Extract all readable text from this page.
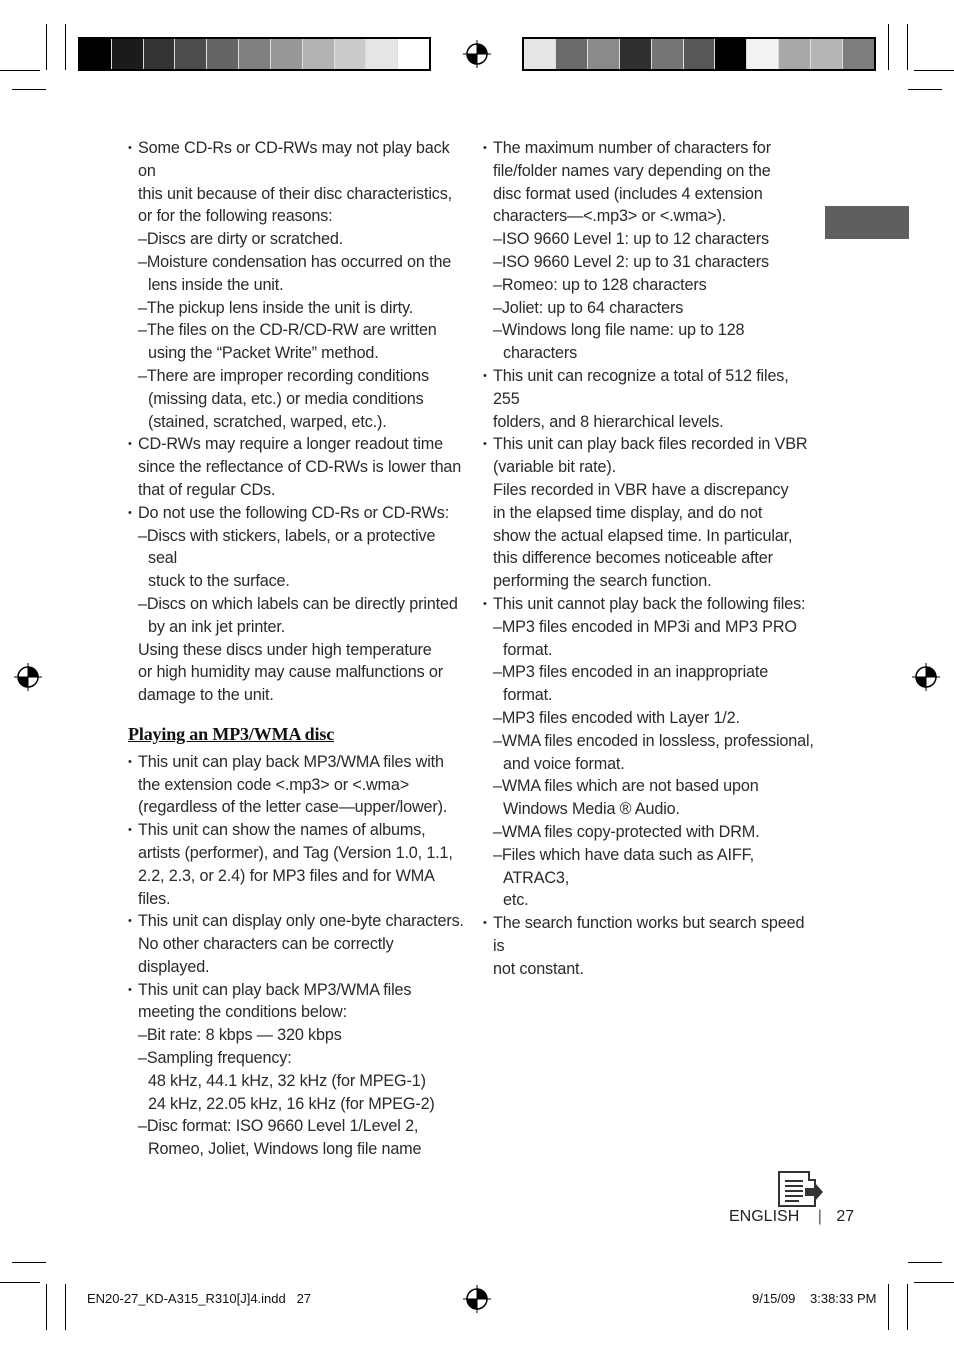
• Some CD-Rs or CD-RWs may not play back on
this unit because of their disc characteristics,
or for the following reasons:

–Discs are dirty or scratched.

–Moisture condensation has occurred on the
lens inside the unit.

–The pickup lens inside the unit is dirty.

–The files on the CD-R/CD-RW are written
using the “Packet Write” method.

–There are improper recording conditions
(missing data, etc.) or media conditions
(stained, scratched, warped, etc.).

• CD-RWs may require a longer readout time
since the reflectance of CD-RWs is lower than
that of regular CDs.

• Do not use the following CD-Rs or CD-RWs:

–Discs with stickers, labels, or a protective seal
stuck to the surface.

–Discs on which labels can be directly printed
by an ink jet printer.

Using these discs under high temperature
or high humidity may cause malfunctions or
damage to the unit.

Playing an MP3/WMA disc

• This unit can play back MP3/WMA files with
the extension code <.mp3> or <.wma>
(regardless of the letter case—upper/lower).

• This unit can show the names of albums,
artists (performer), and Tag (Version 1.0, 1.1,
2.2, 2.3, or 2.4) for MP3 files and for WMA files.

• This unit can display only one-byte characters.
No other characters can be correctly
displayed.

• This unit can play back MP3/WMA files
meeting the conditions below:

–Bit rate: 8 kbps — 320 kbps

–Sampling frequency:
48 kHz, 44.1 kHz, 32 kHz (for MPEG-1)
24 kHz, 22.05 kHz, 16 kHz (for MPEG-2)

–Disc format: ISO 9660 Level 1/Level 2,
Romeo, Joliet, Windows long file name

• The maximum number of characters for
file/folder names vary depending on the
disc format used (includes 4 extension
characters—<.mp3> or <.wma>).

–ISO 9660 Level 1: up to 12 characters

–ISO 9660 Level 2: up to 31 characters

–Romeo: up to 128 characters

–Joliet: up to 64 characters

–Windows long file name: up to 128
characters

• This unit can recognize a total of 512 files, 255
folders, and 8 hierarchical levels.

• This unit can play back files recorded in VBR
(variable bit rate).

Files recorded in VBR have a discrepancy
in the elapsed time display, and do not
show the actual elapsed time. In particular,
this difference becomes noticeable after
performing the search function.

• This unit cannot play back the following files:

–MP3 files encoded in MP3i and MP3 PRO
format.

–MP3 files encoded in an inappropriate
format.

–MP3 files encoded with Layer 1/2.

–WMA files encoded in lossless, professional,
and voice format.

–WMA files which are not based upon
Windows Media ® Audio.

–WMA files copy-protected with DRM.

–Files which have data such as AIFF, ATRAC3,
etc.

• The search function works but search speed is
not constant.

ENGLISH | 27
EN20-27_KD-A315_R310[J]4.indd   27	9/15/09 3:38:33 PM
